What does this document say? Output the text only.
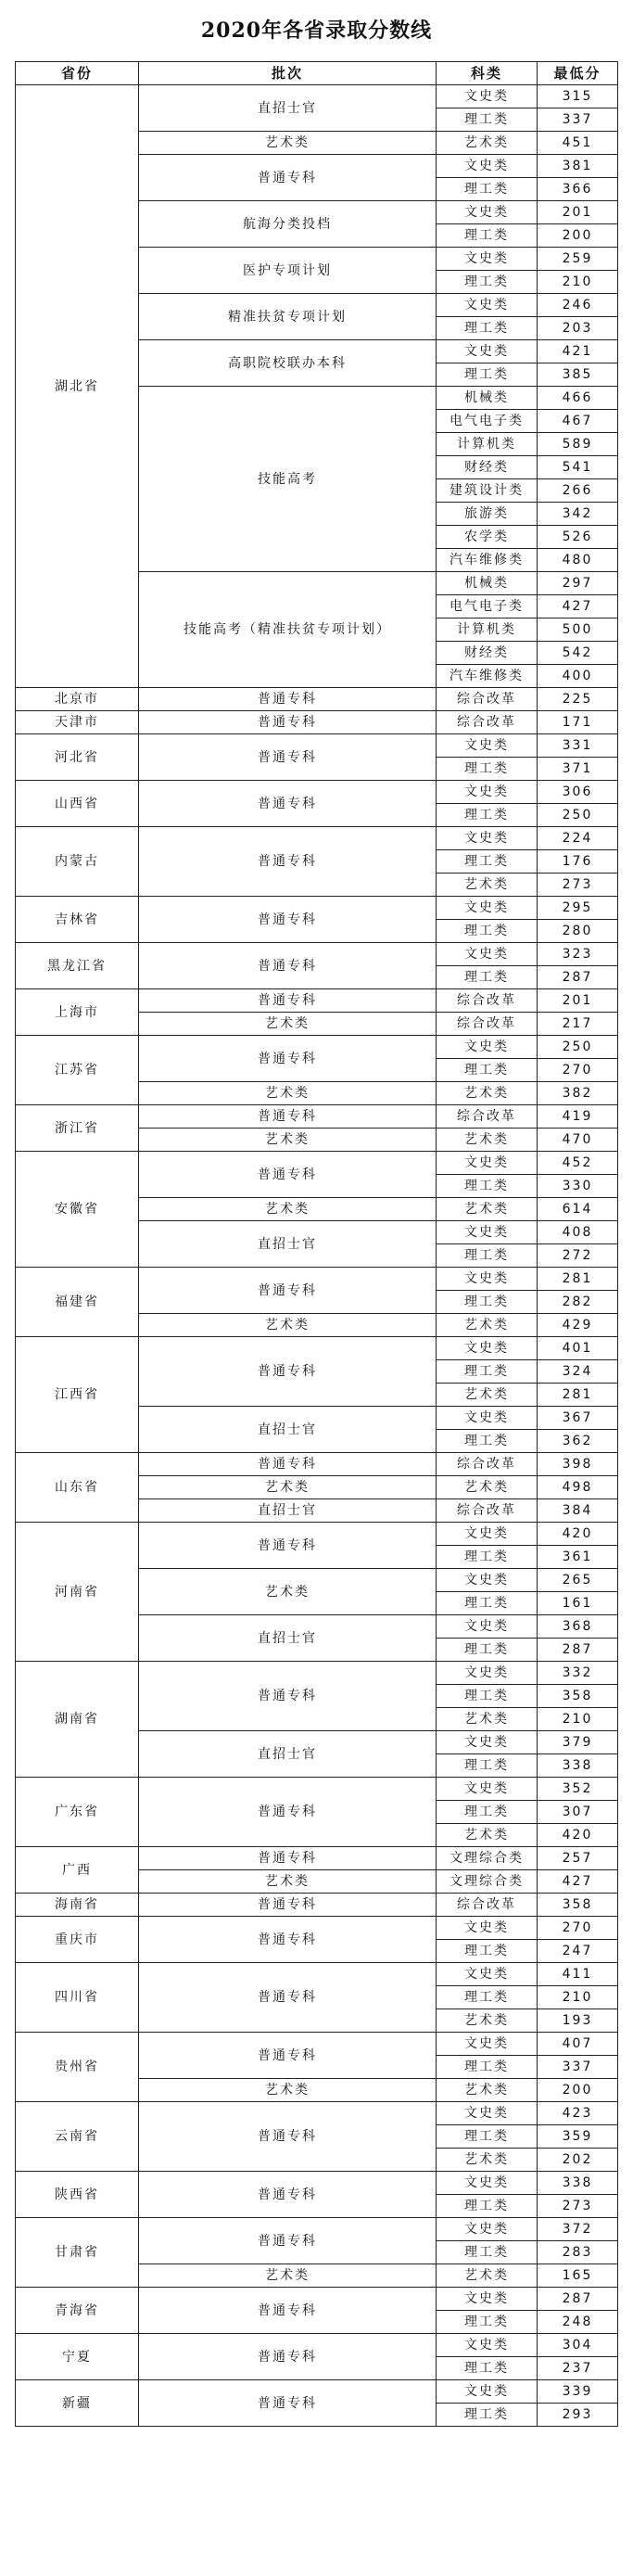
2020年各省录取分数线
省份	批次	科类	最低分
湖北省	直招士官	文史类	315
		理工类	337
	艺术类	艺术类	451
	普通专科	文史类	381
		理工类	366
	航海分类投档	文史类	201
		理工类	200
	医护专项计划	文史类	259
		理工类	210
	精准扶贫专项计划	文史类	246
		理工类	203
	高职院校联办本科	文史类	421
		理工类	385
	技能高考	机械类	466
		电气电子类	467
		计算机类	589
		财经类	541
		建筑设计类	266
		旅游类	342
		农学类	526
		汽车维修类	480
	技能高考（精准扶贫专项计划）	机械类	297
		电气电子类	427
		计算机类	500
		财经类	542
		汽车维修类	400
北京市	普通专科	综合改革	225
天津市	普通专科	综合改革	171
河北省	普通专科	文史类	331
		理工类	371
山西省	普通专科	文史类	306
		理工类	250
内蒙古	普通专科	文史类	224
		理工类	176
		艺术类	273
吉林省	普通专科	文史类	295
		理工类	280
黑龙江省	普通专科	文史类	323
		理工类	287
上海市	普通专科	综合改革	201
	艺术类	综合改革	217
江苏省	普通专科	文史类	250
		理工类	270
	艺术类	艺术类	382
浙江省	普通专科	综合改革	419
	艺术类	艺术类	470
安徽省	普通专科	文史类	452
		理工类	330
	艺术类	艺术类	614
	直招士官	文史类	408
		理工类	272
福建省	普通专科	文史类	281
		理工类	282
	艺术类	艺术类	429
江西省	普通专科	文史类	401
		理工类	324
		艺术类	281
	直招士官	文史类	367
		理工类	362
山东省	普通专科	综合改革	398
	艺术类	艺术类	498
	直招士官	综合改革	384
河南省	普通专科	文史类	420
		理工类	361
	艺术类	文史类	265
		理工类	161
	直招士官	文史类	368
		理工类	287
湖南省	普通专科	文史类	332
		理工类	358
		艺术类	210
	直招士官	文史类	379
		理工类	338
广东省	普通专科	文史类	352
		理工类	307
		艺术类	420
广西	普通专科	文理综合类	257
	艺术类	文理综合类	427
海南省	普通专科	综合改革	358
重庆市	普通专科	文史类	270
		理工类	247
四川省	普通专科	文史类	411
		理工类	210
		艺术类	193
贵州省	普通专科	文史类	407
		理工类	337
	艺术类	艺术类	200
云南省	普通专科	文史类	423
		理工类	359
		艺术类	202
陕西省	普通专科	文史类	338
		理工类	273
甘肃省	普通专科	文史类	372
		理工类	283
	艺术类	艺术类	165
青海省	普通专科	文史类	287
		理工类	248
宁夏	普通专科	文史类	304
		理工类	237
新疆	普通专科	文史类	339
		理工类	293
